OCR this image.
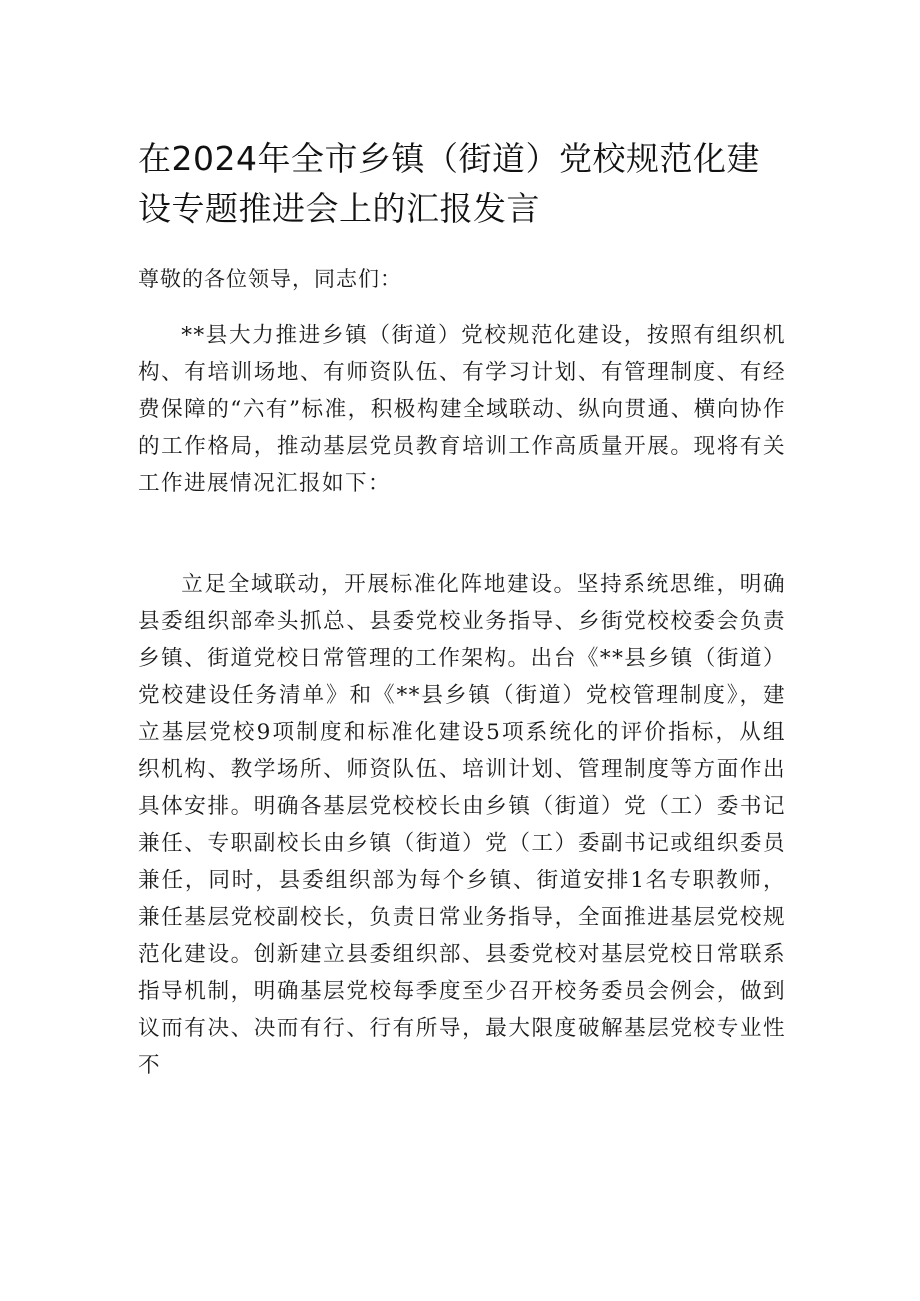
在2024年全市乡镇（街道）党校规范化建设专题推进会上的汇报发言

尊敬的各位领导，同志们：

**县大力推进乡镇（街道）党校规范化建设，按照有组织机构、有培训场地、有师资队伍、有学习计划、有管理制度、有经费保障的“六有”标准，积极构建全域联动、纵向贯通、横向协作的工作格局，推动基层党员教育培训工作高质量开展。现将有关工作进展情况汇报如下：

立足全域联动，开展标准化阵地建设。坚持系统思维，明确县委组织部牵头抓总、县委党校业务指导、乡街党校校委会负责乡镇、街道党校日常管理的工作架构。出台《**县乡镇（街道）党校建设任务清单》和《**县乡镇（街道）党校管理制度》，建立基层党校9项制度和标准化建设5项系统化的评价指标，从组织机构、教学场所、师资队伍、培训计划、管理制度等方面作出具体安排。明确各基层党校校长由乡镇（街道）党（工）委书记兼任、专职副校长由乡镇（街道）党（工）委副书记或组织委员兼任，同时，县委组织部为每个乡镇、街道安排1名专职教师，兼任基层党校副校长，负责日常业务指导，全面推进基层党校规范化建设。创新建立县委组织部、县委党校对基层党校日常联系指导机制，明确基层党校每季度至少召开校务委员会例会，做到议而有决、决而有行、行有所导，最大限度破解基层党校专业性不
